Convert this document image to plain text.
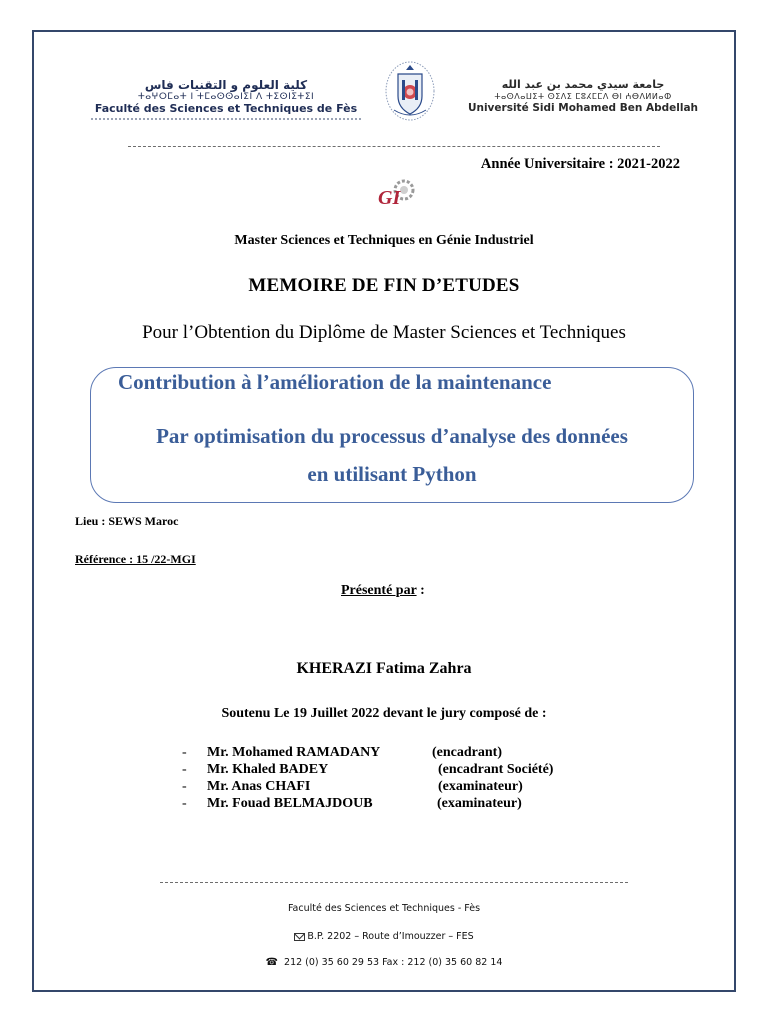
كلية العلوم و التقنيات فاس
ⵜⴰⵖⵔⵎⴰⵜ ⵏ ⵜⵎⴰⵙⵙⴰⵏⵉⵏ ⴷ ⵜⵉⵙⵏⵉⵜⵉⵏ
Faculté des Sciences et Techniques de Fès
جامعة سيدي محمد بن عبد الله
ⵜⴰⵙⴷⴰⵡⵉⵜ ⵙⵉⴷⵉ ⵎⵓⵃⵎⵎⴷ ⴱⵏ ⵄⴱⴷⵍⵍⴰⵀ
Université Sidi Mohamed Ben Abdellah
Année Universitaire : 2021-2022
GI
Master Sciences et Techniques en Génie Industriel
MEMOIRE DE FIN D’ETUDES
Pour l’Obtention du Diplôme de Master Sciences et Techniques
Contribution à l’amélioration de la maintenance
Par optimisation du processus d’analyse des données
en utilisant Python
Lieu : SEWS Maroc
Référence : 15 /22-MGI
Présenté par :
KHERAZI Fatima Zahra
Soutenu Le 19 Juillet 2022 devant le jury composé de :
- Mr. Mohamed RAMADANY	(encadrant)
- Mr. Khaled BADEY	(encadrant Société)
- Mr. Anas CHAFI	(examinateur)
- Mr. Fouad BELMAJDOUB	(examinateur)
Faculté des Sciences et Techniques - Fès
B.P. 2202 – Route d’Imouzzer – FES
☎ 212 (0) 35 60 29 53 Fax : 212 (0) 35 60 82 14
